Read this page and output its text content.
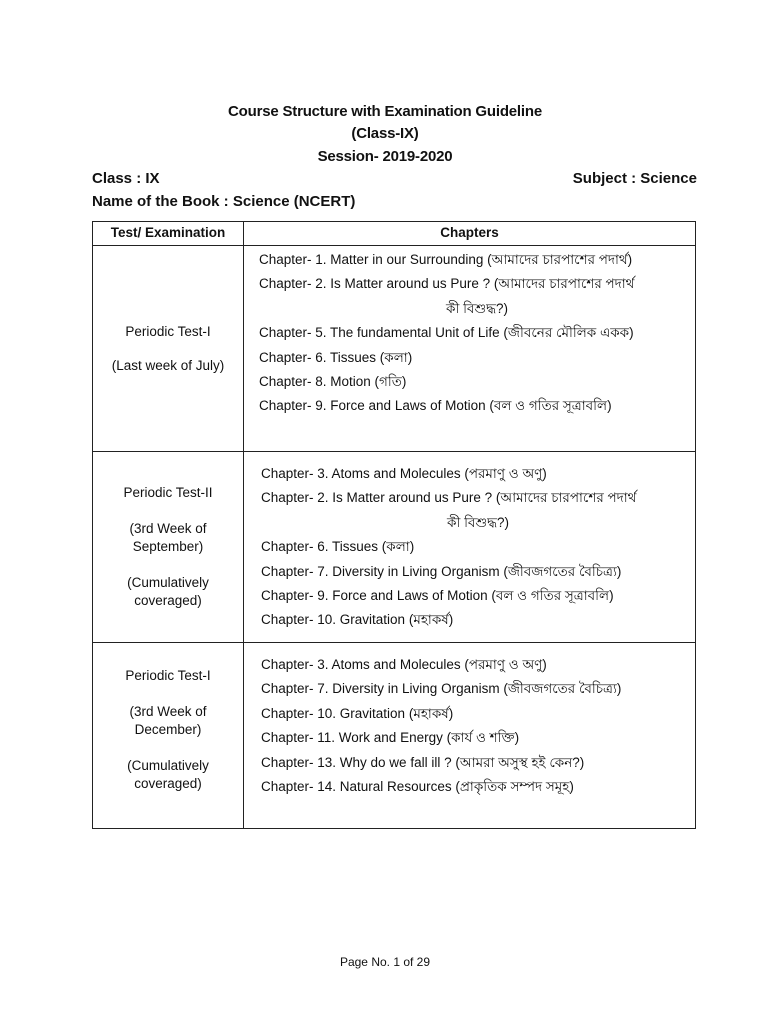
Course Structure with Examination Guideline
(Class-IX)
Session- 2019-2020
Class : IX	Subject : Science
Name of the Book : Science (NCERT)
Test/ Examination	Chapters
Periodic Test-I
(Last week of July)
Chapter- 1. Matter in our Surrounding (আমাদের চারপাশের পদার্থ)
Chapter- 2. Is Matter around us Pure ? (আমাদের চারপাশের পদার্থ
কী বিশুদ্ধ?)
Chapter- 5. The fundamental Unit of Life (জীবনের মৌলিক একক)
Chapter- 6. Tissues (কলা)
Chapter- 8. Motion (গতি)
Chapter- 9. Force and Laws of Motion (বল ও গতির সূত্রাবলি)
Periodic Test-II
(3rd Week of
September)
(Cumulatively
coveraged)
Chapter- 3. Atoms and Molecules (পরমাণু ও অণু)
Chapter- 2. Is Matter around us Pure ? (আমাদের চারপাশের পদার্থ
কী বিশুদ্ধ?)
Chapter- 6. Tissues (কলা)
Chapter- 7. Diversity in Living Organism (জীবজগতের বৈচিত্র্য)
Chapter- 9. Force and Laws of Motion (বল ও গতির সূত্রাবলি)
Chapter- 10. Gravitation (মহাকর্ষ)
Periodic Test-I
(3rd Week of
December)
(Cumulatively
coveraged)
Chapter- 3. Atoms and Molecules (পরমাণু ও অণু)
Chapter- 7. Diversity in Living Organism (জীবজগতের বৈচিত্র্য)
Chapter- 10. Gravitation (মহাকর্ষ)
Chapter- 11. Work and Energy (কার্য ও শক্তি)
Chapter- 13. Why do we fall ill ? (আমরা অসুস্থ হই কেন?)
Chapter- 14. Natural Resources (প্রাকৃতিক সম্পদ সমূহ)
Page No. 1 of 29
